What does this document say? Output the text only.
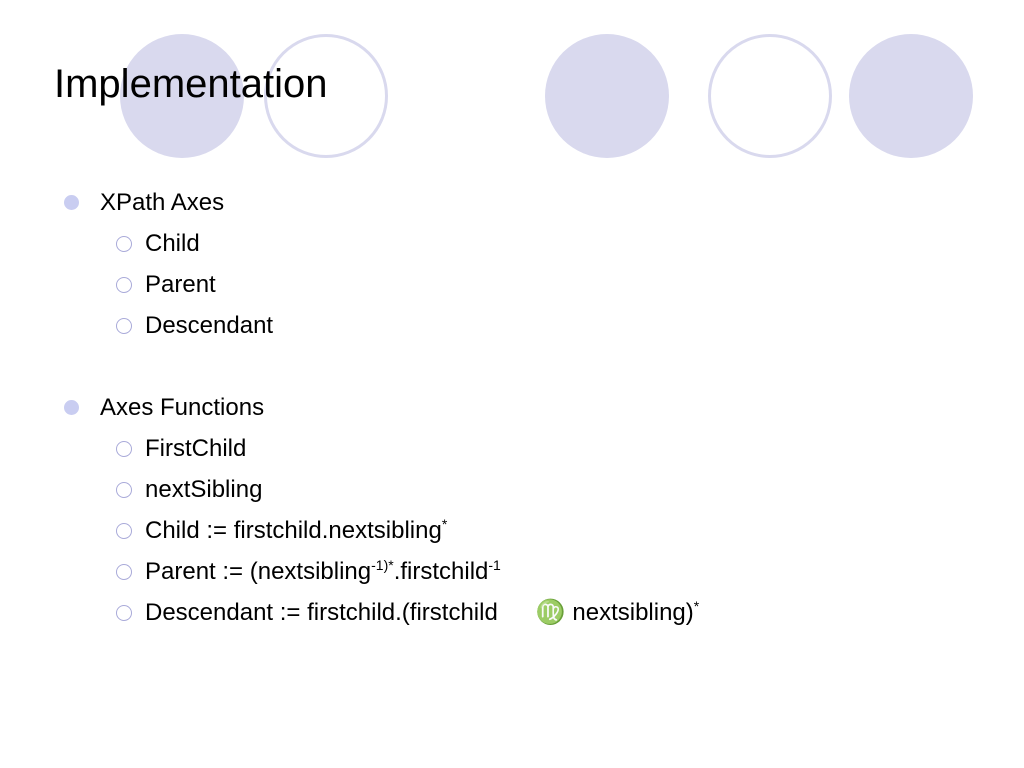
Implementation
XPath Axes
Child
Parent
Descendant
Axes Functions
FirstChild
nextSibling
Child := firstchild.nextsibling*
Parent := (nextsibling$^{-1)*}$.firstchild$^{-1}$
Descendant := firstchild.(firstchild ♍ nextsibling)*
